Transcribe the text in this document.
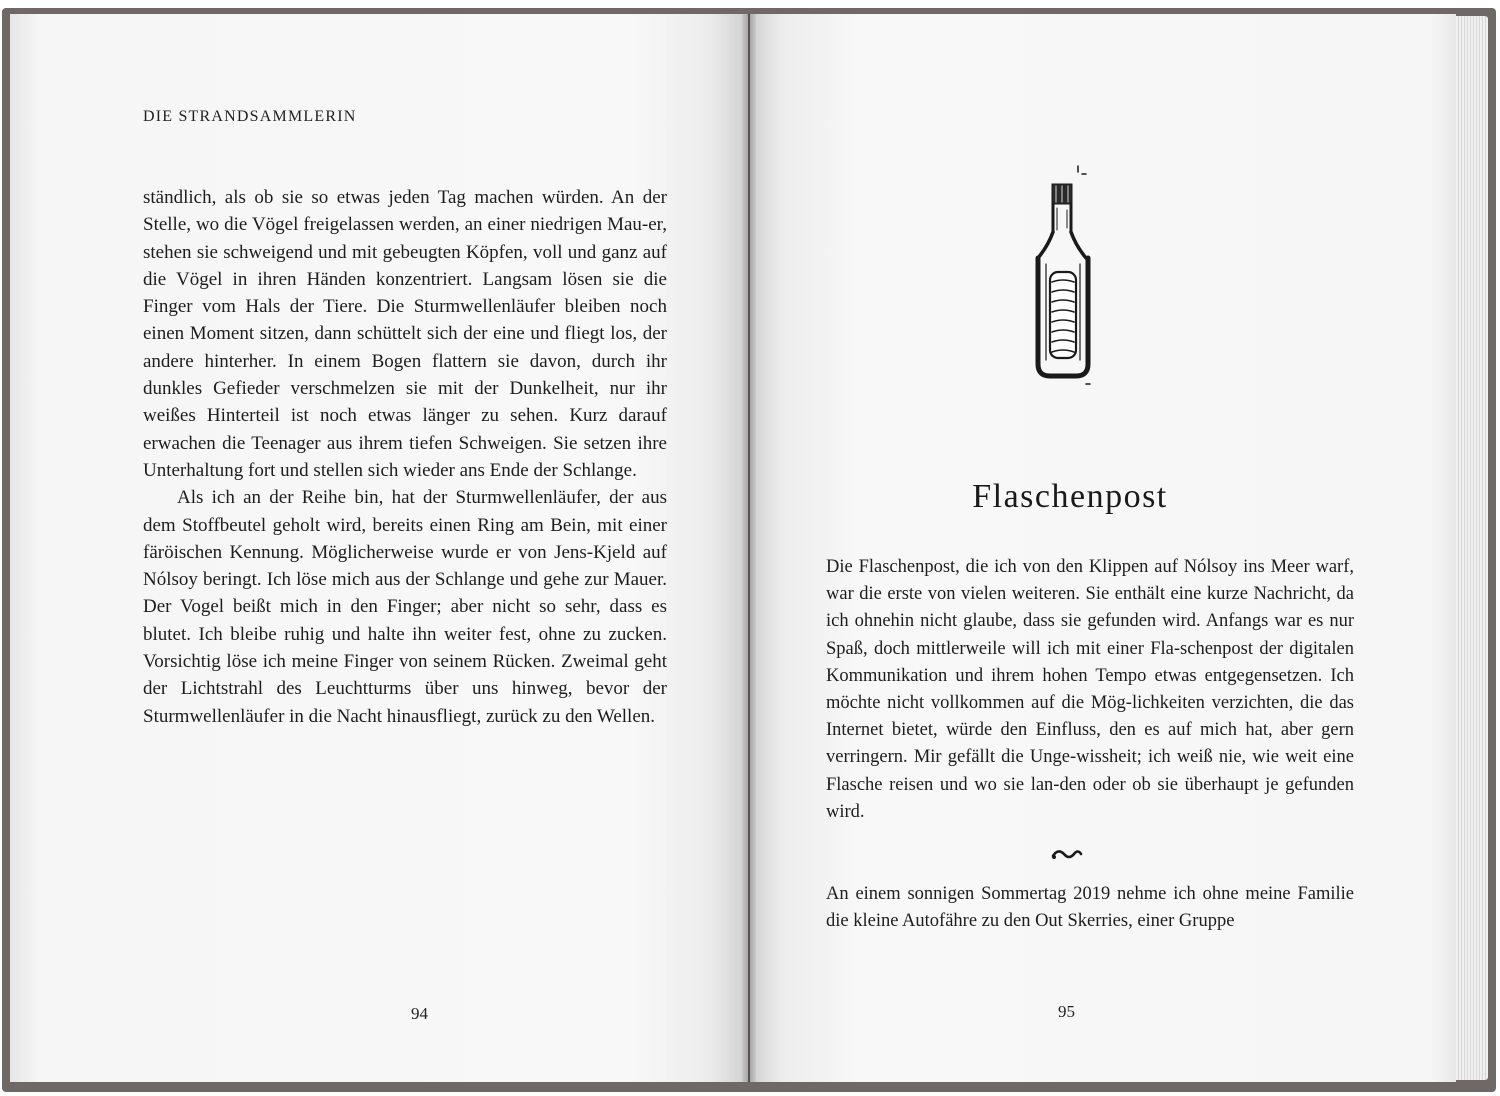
DIE STRANDSAMMLERIN

ständlich, als ob sie so etwas jeden Tag machen würden. An der Stelle, wo die Vögel freigelassen werden, an einer niedrigen Mau-er, stehen sie schweigend und mit gebeugten Köpfen, voll und ganz auf die Vögel in ihren Händen konzentriert. Langsam lösen sie die Finger vom Hals der Tiere. Die Sturmwellenläufer bleiben noch einen Moment sitzen, dann schüttelt sich der eine und fliegt los, der andere hinterher. In einem Bogen flattern sie davon, durch ihr dunkles Gefieder verschmelzen sie mit der Dunkelheit, nur ihr weißes Hinterteil ist noch etwas länger zu sehen. Kurz darauf erwachen die Teenager aus ihrem tiefen Schweigen. Sie setzen ihre Unterhaltung fort und stellen sich wieder ans Ende der Schlange.

Als ich an der Reihe bin, hat der Sturmwellenläufer, der aus dem Stoffbeutel geholt wird, bereits einen Ring am Bein, mit einer färöischen Kennung. Möglicherweise wurde er von Jens-Kjeld auf Nólsoy beringt. Ich löse mich aus der Schlange und gehe zur Mauer. Der Vogel beißt mich in den Finger; aber nicht so sehr, dass es blutet. Ich bleibe ruhig und halte ihn weiter fest, ohne zu zucken. Vorsichtig löse ich meine Finger von seinem Rücken. Zweimal geht der Lichtstrahl des Leuchtturms über uns hinweg, bevor der Sturmwellenläufer in die Nacht hinausfliegt, zurück zu den Wellen.

94
Flaschenpost

Die Flaschenpost, die ich von den Klippen auf Nólsoy ins Meer warf, war die erste von vielen weiteren. Sie enthält eine kurze Nachricht, da ich ohnehin nicht glaube, dass sie gefunden wird. Anfangs war es nur Spaß, doch mittlerweile will ich mit einer Fla-schenpost der digitalen Kommunikation und ihrem hohen Tempo etwas entgegensetzen. Ich möchte nicht vollkommen auf die Mög-lichkeiten verzichten, die das Internet bietet, würde den Einfluss, den es auf mich hat, aber gern verringern. Mir gefällt die Unge-wissheit; ich weiß nie, wie weit eine Flasche reisen und wo sie lan-den oder ob sie überhaupt je gefunden wird.

An einem sonnigen Sommertag 2019 nehme ich ohne meine Familie die kleine Autofähre zu den Out Skerries, einer Gruppe

95
